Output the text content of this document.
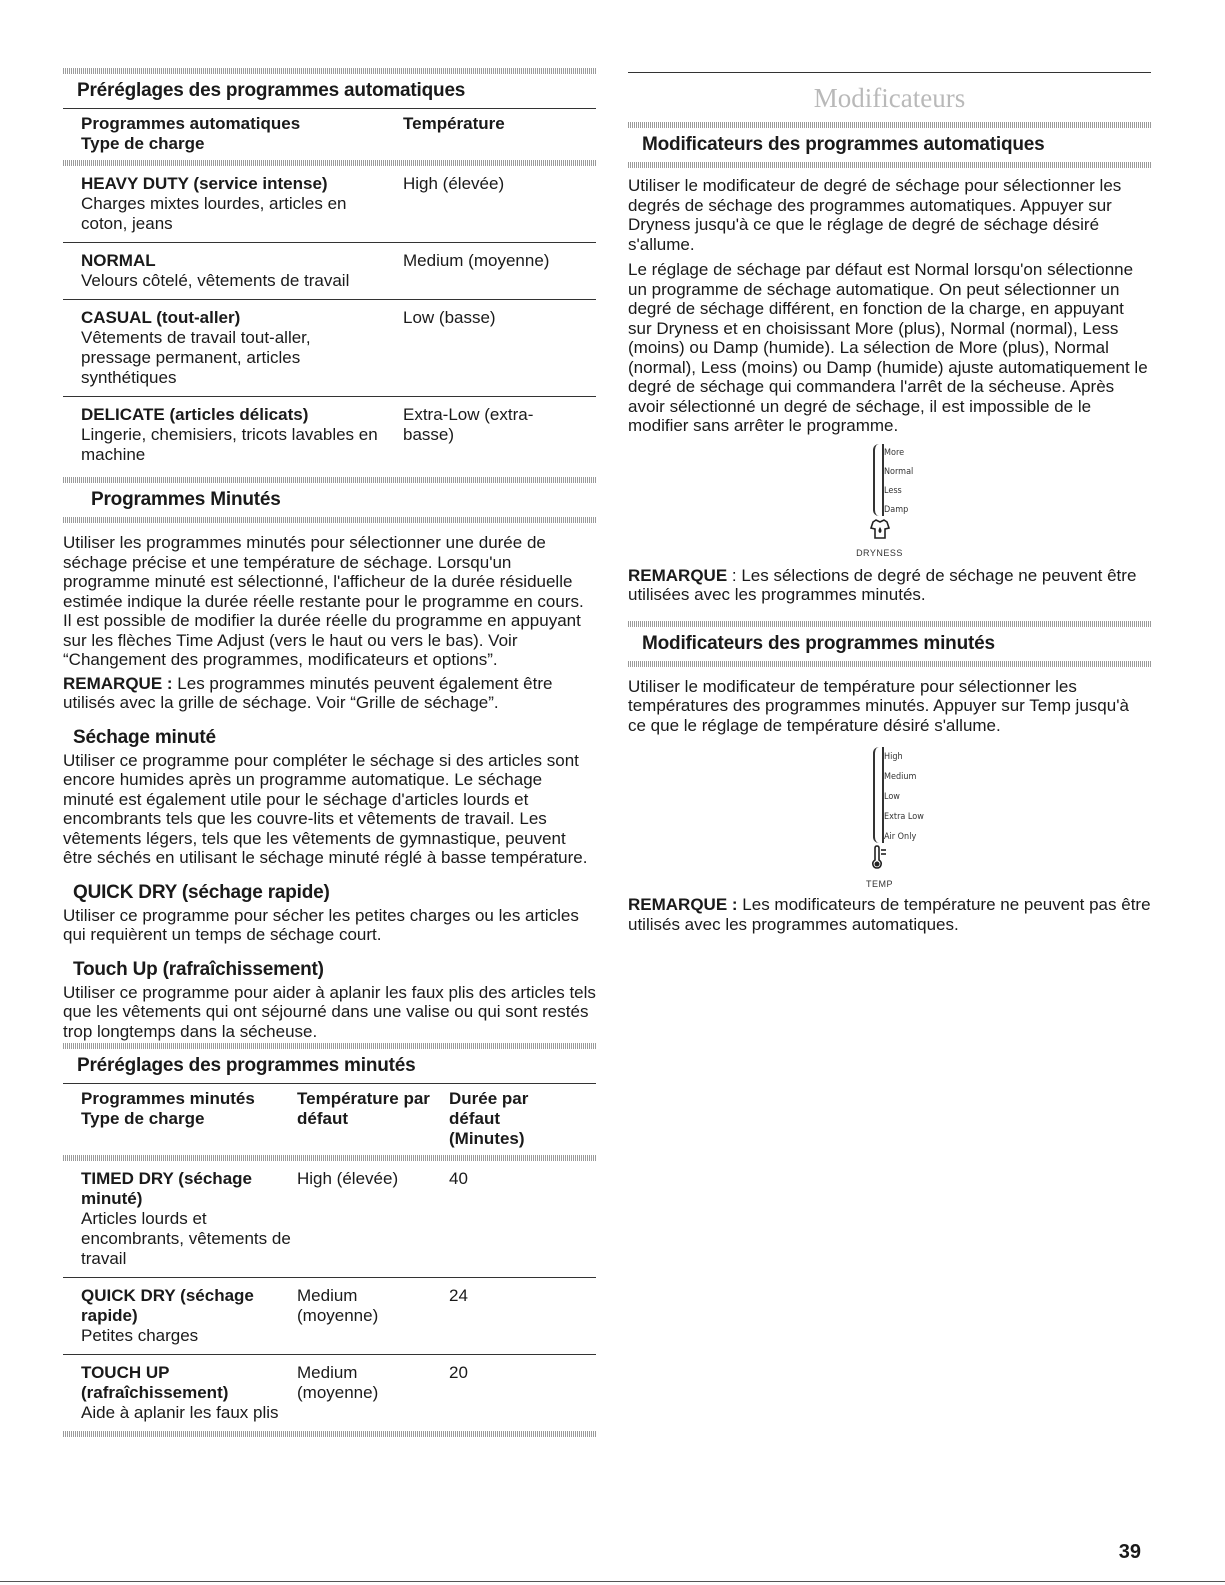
Préréglages des programmes automatiques
Programmes automatiques
Type de charge	Température

HEAVY DUTY (service intense)
Charges mixtes lourdes, articles en coton, jeans	High (élevée)

NORMAL
Velours côtelé, vêtements de travail	Medium (moyenne)

CASUAL (tout-aller)
Vêtements de travail tout-aller, pressage permanent, articles synthétiques	Low (basse)

DELICATE (articles délicats)
Lingerie, chemisiers, tricots lavables en machine	Extra-Low (extra-basse)
Programmes Minutés

Utiliser les programmes minutés pour sélectionner une durée de séchage précise et une température de séchage. Lorsqu'un programme minuté est sélectionné, l'afficheur de la durée résiduelle estimée indique la durée réelle restante pour le programme en cours. Il est possible de modifier la durée réelle du programme en appuyant sur les flèches Time Adjust (vers le haut ou vers le bas). Voir “Changement des programmes, modificateurs et options”.

REMARQUE : Les programmes minutés peuvent également être utilisés avec la grille de séchage. Voir “Grille de séchage”.

Séchage minuté

Utiliser ce programme pour compléter le séchage si des articles sont encore humides après un programme automatique. Le séchage minuté est également utile pour le séchage d'articles lourds et encombrants tels que les couvre-lits et vêtements de travail. Les vêtements légers, tels que les vêtements de gymnastique, peuvent être séchés en utilisant le séchage minuté réglé à basse température.

QUICK DRY (séchage rapide)

Utiliser ce programme pour sécher les petites charges ou les articles qui requièrent un temps de séchage court.

Touch Up (rafraîchissement)

Utiliser ce programme pour aider à aplanir les faux plis des articles tels que les vêtements qui ont séjourné dans une valise ou qui sont restés trop longtemps dans la sécheuse.

Préréglages des programmes minutés
Programmes minutés
Type de charge	Température par défaut	Durée par défaut (Minutes)

TIMED DRY (séchage minuté)
Articles lourds et encombrants, vêtements de travail	High (élevée)	40

QUICK DRY (séchage rapide)
Petites charges	Medium (moyenne)	24

TOUCH UP (rafraîchissement)
Aide à aplanir les faux plis	Medium (moyenne)	20
Modificateurs
Modificateurs des programmes automatiques

Utiliser le modificateur de degré de séchage pour sélectionner les degrés de séchage des programmes automatiques. Appuyer sur Dryness jusqu'à ce que le réglage de degré de séchage désiré s'allume.

Le réglage de séchage par défaut est Normal lorsqu'on sélectionne un programme de séchage automatique. On peut sélectionner un degré de séchage différent, en fonction de la charge, en appuyant sur Dryness et en choisissant More (plus), Normal (normal), Less (moins) ou Damp (humide). La sélection de More (plus), Normal (normal), Less (moins) ou Damp (humide) ajuste automatiquement le degré de séchage qui commandera l'arrêt de la sécheuse. Après avoir sélectionné un degré de séchage, il est impossible de le modifier sans arrêter le programme.

More
Normal
Less
Damp
DRYNESS

REMARQUE : Les sélections de degré de séchage ne peuvent être utilisées avec les programmes minutés.

Modificateurs des programmes minutés

Utiliser le modificateur de température pour sélectionner les températures des programmes minutés. Appuyer sur Temp jusqu'à ce que le réglage de température désiré s'allume.

High
Medium
Low
Extra Low
Air Only
TEMP

REMARQUE : Les modificateurs de température ne peuvent pas être utilisés avec les programmes automatiques.

39
